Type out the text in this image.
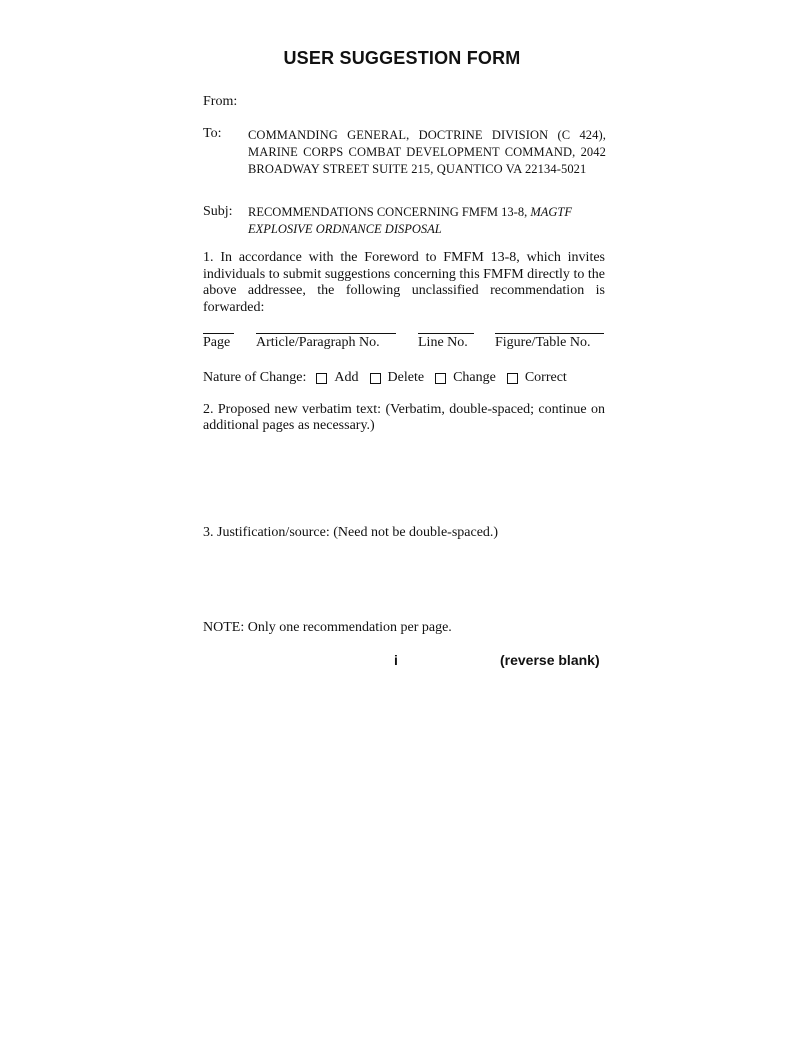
USER SUGGESTION FORM
From:
To: COMMANDING GENERAL, DOCTRINE DIVISION (C 424), MARINE CORPS COMBAT DEVELOPMENT COMMAND, 2042 BROADWAY STREET SUITE 215, QUANTICO VA 22134-5021
Subj: RECOMMENDATIONS CONCERNING FMFM 13-8, MAGTF EXPLOSIVE ORDNANCE DISPOSAL
1. In accordance with the Foreword to FMFM 13-8, which invites individuals to submit suggestions concerning this FMFM directly to the above addressee, the following unclassified recommendation is forwarded:
Page Article/Paragraph No.	Line No. Figure/Table No.
Nature of Change: Add Delete Change Correct
2. Proposed new verbatim text: (Verbatim, double-spaced; continue on additional pages as necessary.)
3. Justification/source: (Need not be double-spaced.)
NOTE: Only one recommendation per page.
i	(reverse blank)
